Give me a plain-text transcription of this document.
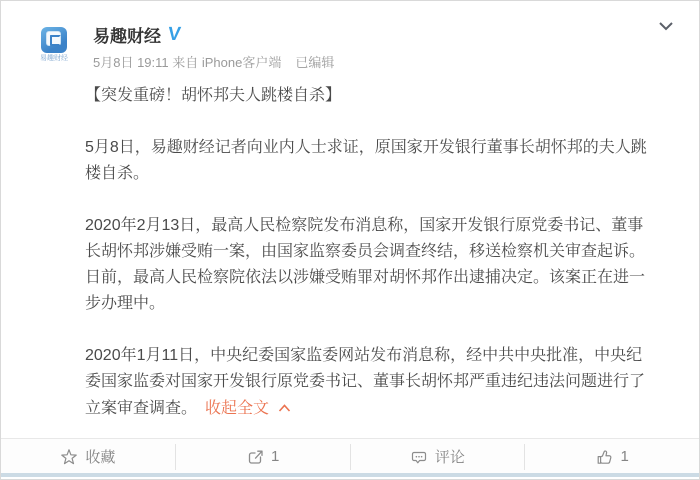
易趣财经
易趣财经 V
5月8日 19:11 来自 iPhone客户端 已编辑
【突发重磅！胡怀邦夫人跳楼自杀】
5月8日，易趣财经记者向业内人士求证，原国家开发银行董事长胡怀邦的夫人跳
楼自杀。
2020年2月13日，最高人民检察院发布消息称，国家开发银行原党委书记、董事
长胡怀邦涉嫌受贿一案，由国家监察委员会调查终结，移送检察机关审查起诉。
日前，最高人民检察院依法以涉嫌受贿罪对胡怀邦作出逮捕决定。该案正在进一
步办理中。
2020年1月11日，中央纪委国家监委网站发布消息称，经中共中央批准，中央纪
委国家监委对国家开发银行原党委书记、董事长胡怀邦严重违纪违法问题进行了
立案审查调查。 收起全文
收藏	1	评论	1
